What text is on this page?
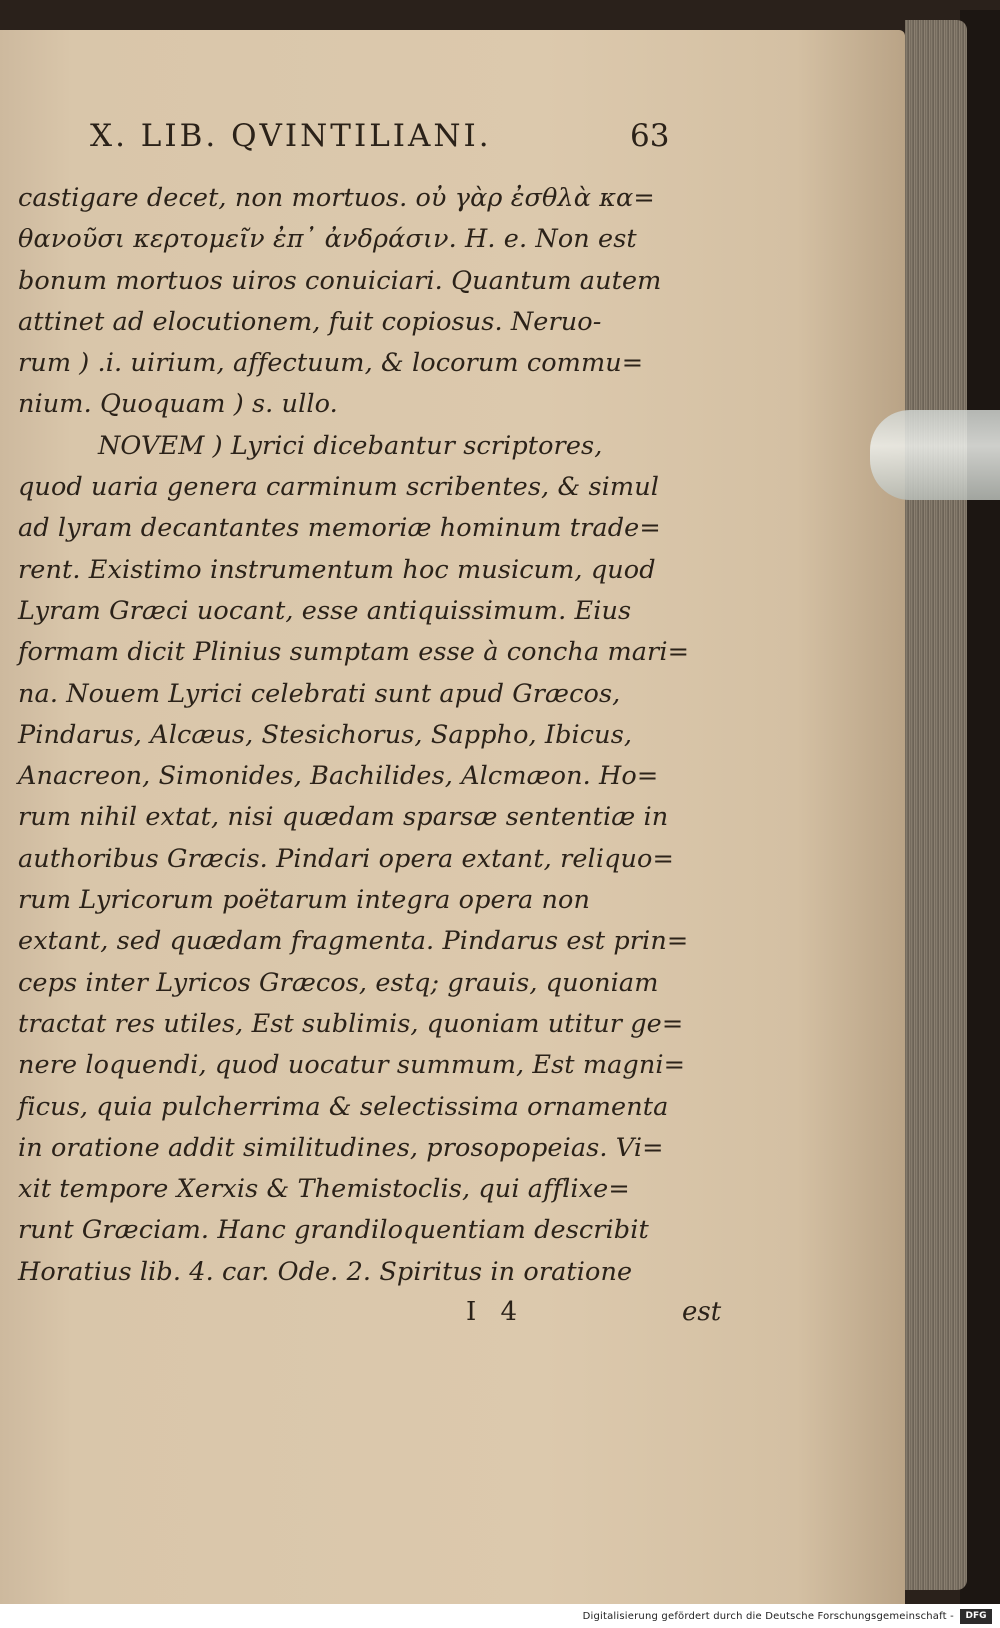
X. LIB. QVINTILIANI.	63
castigare decet, non mortuos. οὐ γὰρ ἐσθλὰ κα=
θανοῦσι κερτομεῖν ἐπ᾽ ἀνδράσιν. H. e. Non est
bonum mortuos uiros conuiciari. Quantum autem
attinet ad elocutionem, fuit copiosus. Neruo-
rum ) .i. uirium, affectuum, & locorum commu=
nium. Quoquam ) s. ullo.
NOVEM ) Lyrici dicebantur scriptores,
quod uaria genera carminum scribentes, & simul
ad lyram decantantes memoriæ hominum trade=
rent. Existimo instrumentum hoc musicum, quod
Lyram Græci uocant, esse antiquissimum. Eius
formam dicit Plinius sumptam esse à concha mari=
na. Nouem Lyrici celebrati sunt apud Græcos,
Pindarus, Alcæus, Stesichorus, Sappho, Ibicus,
Anacreon, Simonides, Bachilides, Alcmæon. Ho=
rum nihil extat, nisi quædam sparsæ sententiæ in
authoribus Græcis. Pindari opera extant, reliquo=
rum Lyricorum poëtarum integra opera non
extant, sed quædam fragmenta. Pindarus est prin=
ceps inter Lyricos Græcos, estq; grauis, quoniam
tractat res utiles, Est sublimis, quoniam utitur ge=
nere loquendi, quod uocatur summum, Est magni=
ficus, quia pulcherrima & selectissima ornamenta
in oratione addit similitudines, prosopopeias. Vi=
xit tempore Xerxis & Themistoclis, qui afflixe=
runt Græciam. Hanc grandiloquentiam describit
Horatius lib. 4. car. Ode. 2. Spiritus in oratione
I 4	est
Digitalisierung gefördert durch die Deutsche Forschungsgemeinschaft -	DFG
